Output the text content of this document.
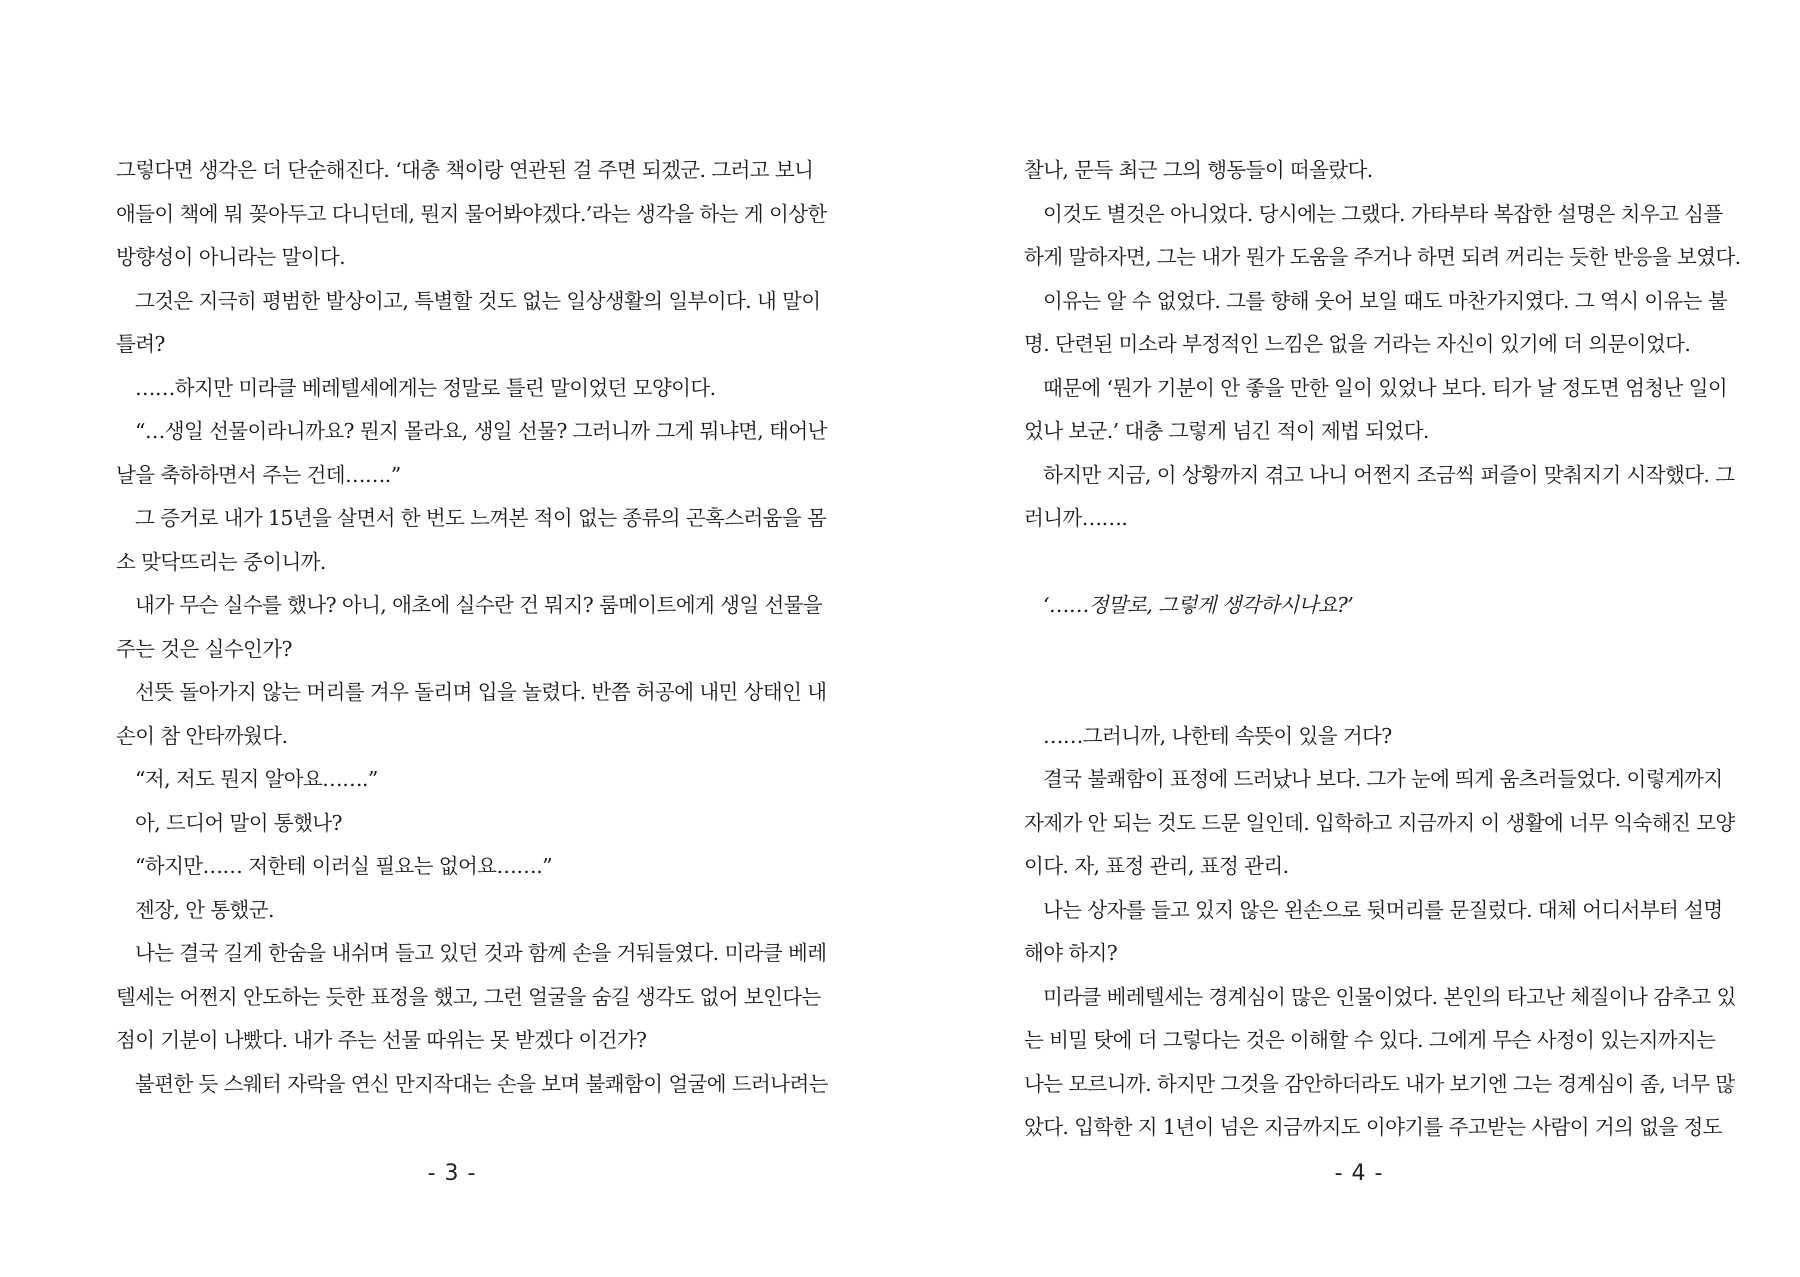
그렇다면 생각은 더 단순해진다. ‘대충 책이랑 연관된 걸 주면 되겠군. 그러고 보니
애들이 책에 뭐 꽂아두고 다니던데, 뭔지 물어봐야겠다.’라는 생각을 하는 게 이상한
방향성이 아니라는 말이다.
그것은 지극히 평범한 발상이고, 특별할 것도 없는 일상생활의 일부이다. 내 말이
틀려?
……하지만 미라클 베레텔세에게는 정말로 틀린 말이었던 모양이다.
“…생일 선물이라니까요? 뭔지 몰라요, 생일 선물? 그러니까 그게 뭐냐면, 태어난
날을 축하하면서 주는 건데…….”
그 증거로 내가 15년을 살면서 한 번도 느껴본 적이 없는 종류의 곤혹스러움을 몸
소 맞닥뜨리는 중이니까.
내가 무슨 실수를 했나? 아니, 애초에 실수란 건 뭐지? 룸메이트에게 생일 선물을
주는 것은 실수인가?
선뜻 돌아가지 않는 머리를 겨우 돌리며 입을 놀렸다. 반쯤 허공에 내민 상태인 내
손이 참 안타까웠다.
“저, 저도 뭔지 알아요…….”
아, 드디어 말이 통했나?
“하지만…… 저한테 이러실 필요는 없어요…….”
젠장, 안 통했군.
나는 결국 길게 한숨을 내쉬며 들고 있던 것과 함께 손을 거둬들였다. 미라클 베레
텔세는 어쩐지 안도하는 듯한 표정을 했고, 그런 얼굴을 숨길 생각도 없어 보인다는
점이 기분이 나빴다. 내가 주는 선물 따위는 못 받겠다 이건가?
불편한 듯 스웨터 자락을 연신 만지작대는 손을 보며 불쾌함이 얼굴에 드러나려는
- 3 -
찰나, 문득 최근 그의 행동들이 떠올랐다.
이것도 별것은 아니었다. 당시에는 그랬다. 가타부타 복잡한 설명은 치우고 심플
하게 말하자면, 그는 내가 뭔가 도움을 주거나 하면 되려 꺼리는 듯한 반응을 보였다.
이유는 알 수 없었다. 그를 향해 웃어 보일 때도 마찬가지였다. 그 역시 이유는 불
명. 단련된 미소라 부정적인 느낌은 없을 거라는 자신이 있기에 더 의문이었다.
때문에 ‘뭔가 기분이 안 좋을 만한 일이 있었나 보다. 티가 날 정도면 엄청난 일이
었나 보군.’ 대충 그렇게 넘긴 적이 제법 되었다.
하지만 지금, 이 상황까지 겪고 나니 어쩐지 조금씩 퍼즐이 맞춰지기 시작했다. 그
러니까…….
‘……정말로, 그렇게 생각하시나요?’
……그러니까, 나한테 속뜻이 있을 거다?
결국 불쾌함이 표정에 드러났나 보다. 그가 눈에 띄게 움츠러들었다. 이렇게까지
자제가 안 되는 것도 드문 일인데. 입학하고 지금까지 이 생활에 너무 익숙해진 모양
이다. 자, 표정 관리, 표정 관리.
나는 상자를 들고 있지 않은 왼손으로 뒷머리를 문질렀다. 대체 어디서부터 설명
해야 하지?
미라클 베레텔세는 경계심이 많은 인물이었다. 본인의 타고난 체질이나 감추고 있
는 비밀 탓에 더 그렇다는 것은 이해할 수 있다. 그에게 무슨 사정이 있는지까지는
나는 모르니까. 하지만 그것을 감안하더라도 내가 보기엔 그는 경계심이 좀, 너무 많
았다. 입학한 지 1년이 넘은 지금까지도 이야기를 주고받는 사람이 거의 없을 정도
- 4 -
